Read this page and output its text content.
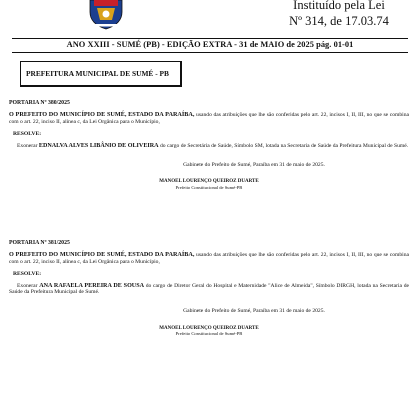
Instituído pela Lei
Nº 314, de 17.03.74
ANO XXIII - SUMÉ (PB) - EDIÇÃO EXTRA - 31 de MAIO de 2025 pág. 01-01
PREFEITURA MUNICIPAL DE SUMÉ - PB
PORTARIA Nº 380/2025
O PREFEITO DO MUNICÍPIO DE SUMÉ, ESTADO DA PARAÍBA, usando das atribuições que lhe são conferidas pelo art. 22, incisos I, II, III, no que se combina com o art. 22, inciso II, alínea c, da Lei Orgânica para o Município,
RESOLVE:
Exonerar EDNALVA ALVES LIBÂNIO DE OLIVEIRA do cargo de Secretária de Saúde, Símbolo SM, lotada na Secretaria de Saúde da Prefeitura Municipal de Sumé.
Gabinete do Prefeito de Sumé, Paraíba em 31 de maio de 2025.
MANOEL LOURENÇO QUEIROZ DUARTE
Prefeito Constitucional de Sumé-PB
PORTARIA Nº 381/2025
O PREFEITO DO MUNICÍPIO DE SUMÉ, ESTADO DA PARAÍBA, usando das atribuições que lhe são conferidas pelo art. 22, incisos I, II, III, no que se combina com o art. 22, inciso II, alínea c, da Lei Orgânica para o Município,
RESOLVE:
Exonerar ANA RAFAELA PEREIRA DE SOUSA do cargo de Diretor Geral do Hospital e Maternidade "Alice de Almeida", Símbolo DIRGH, lotada na Secretaria de Saúde da Prefeitura Municipal de Sumé.
Gabinete do Prefeito de Sumé, Paraíba em 31 de maio de 2025.
MANOEL LOURENÇO QUEIROZ DUARTE
Prefeito Constitucional de Sumé-PB
